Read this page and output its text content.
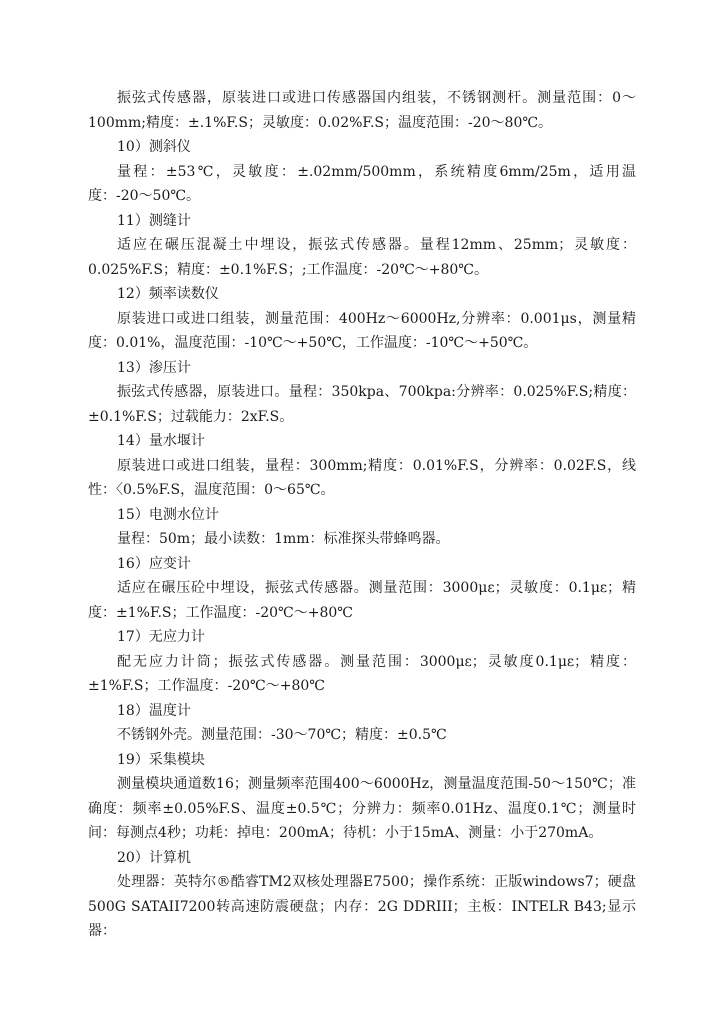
振弦式传感器，原装进口或进口传感器国内组装，不锈钢测杆。测量范围：0～100mm;精度：±.1%F.S；灵敏度：0.02%F.S；温度范围：-20～80℃。

10）测斜仪

量程：±53℃，灵敏度：±.02mm/500mm，系统精度6mm/25m，适用温度：-20～50℃。

11）测缝计

适应在碾压混凝土中埋设，振弦式传感器。量程12mm、25mm；灵敏度：0.025%F.S；精度：±0.1%F.S；;工作温度：-20℃～+80℃。

12）频率读数仪

原装进口或进口组装，测量范围：400Hz～6000Hz,分辨率：0.001μs，测量精度：0.01%，温度范围：-10℃～+50℃，工作温度：-10℃～+50℃。

13）渗压计

振弦式传感器，原装进口。量程：350kpa、700kpa:分辨率：0.025%F.S;精度：±0.1%F.S；过载能力：2xF.S。

14）量水堰计

原装进口或进口组装，量程：300mm;精度：0.01%F.S，分辨率：0.02F.S，线性：〈0.5%F.S，温度范围：0～65℃。

15）电测水位计

量程：50m；最小读数：1mm：标准探头带蜂鸣器。

16）应变计

适应在碾压砼中埋设，振弦式传感器。测量范围：3000με；灵敏度：0.1με；精度：±1%F.S；工作温度：-20℃～+80℃

17）无应力计

配无应力计筒；振弦式传感器。测量范围：3000με；灵敏度0.1με；精度：±1%F.S；工作温度：-20℃～+80℃

18）温度计

不锈钢外壳。测量范围：-30～70℃；精度：±0.5℃

19）采集模块

测量模块通道数16；测量频率范围400～6000Hz，测量温度范围-50～150℃；准确度：频率±0.05%F.S、温度±0.5℃；分辨力：频率0.01Hz、温度0.1℃；测量时间：每测点4秒；功耗：掉电：200mA；待机：小于15mA、测量：小于270mA。

20）计算机

处理器：英特尔®酷睿TM2双核处理器E7500；操作系统：正版windows7；硬盘500G SATAII7200转高速防震硬盘；内存：2G DDRIII；主板：INTELR B43;显示器：
